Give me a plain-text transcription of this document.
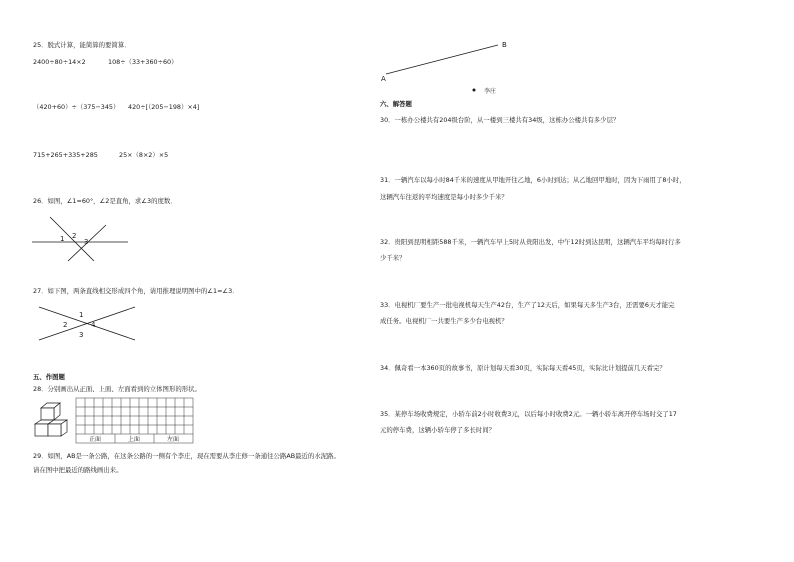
25．脱式计算，能简算的要简算．
2400÷80÷14×2	108÷（33+360÷60）
（420+60）÷（375−345） 420÷[（205−198）×4]
715+265+335+285	25×（8×2）×5
26．如图，∠1=60°，∠2是直角，求∠3的度数．
1 2
3
27．如下图，两条直线相交形成四个角，请用推理说明图中的∠1=∠3．
1
2
3
4
五、作图题
28．分别画出从正面、上面、左面看到的立体图形的形状。
正面	上面	左面
29．如图，AB是一条公路，在这条公路的一侧有个李庄，现在需要从李庄修一条通往公路AB最近的水泥路。
请在图中把最近的路线画出来。
A
B
李庄
六、解答题
30．一栋办公楼共有204级台阶，从一楼到三楼共有34级，这栋办公楼共有多少层？
31．一辆汽车以每小时84千米的速度从甲地开往乙地，6小时到达；从乙地回甲地时，因为下雨用了8小时，
这辆汽车往返的平均速度是每小时多少千米？
32．贵阳到昆明相距588千米，一辆汽车早上5时从贵阳出发，中午12时到达昆明，这辆汽车平均每时行多
少千米？
33．电视机厂要生产一批电视机每天生产42台，生产了12天后，如果每天多生产3台，还需要6天才能完
成任务。电视机厂一共要生产多少台电视机？
34．佩奇看一本360页的故事书，原计划每天看30页，实际每天看45页，实际比计划提前几天看完？
35．某停车场收费规定，小轿车前2小时收费3元，以后每小时收费2元。一辆小轿车离开停车场时交了17
元的停车费，这辆小轿车停了多长时间？
